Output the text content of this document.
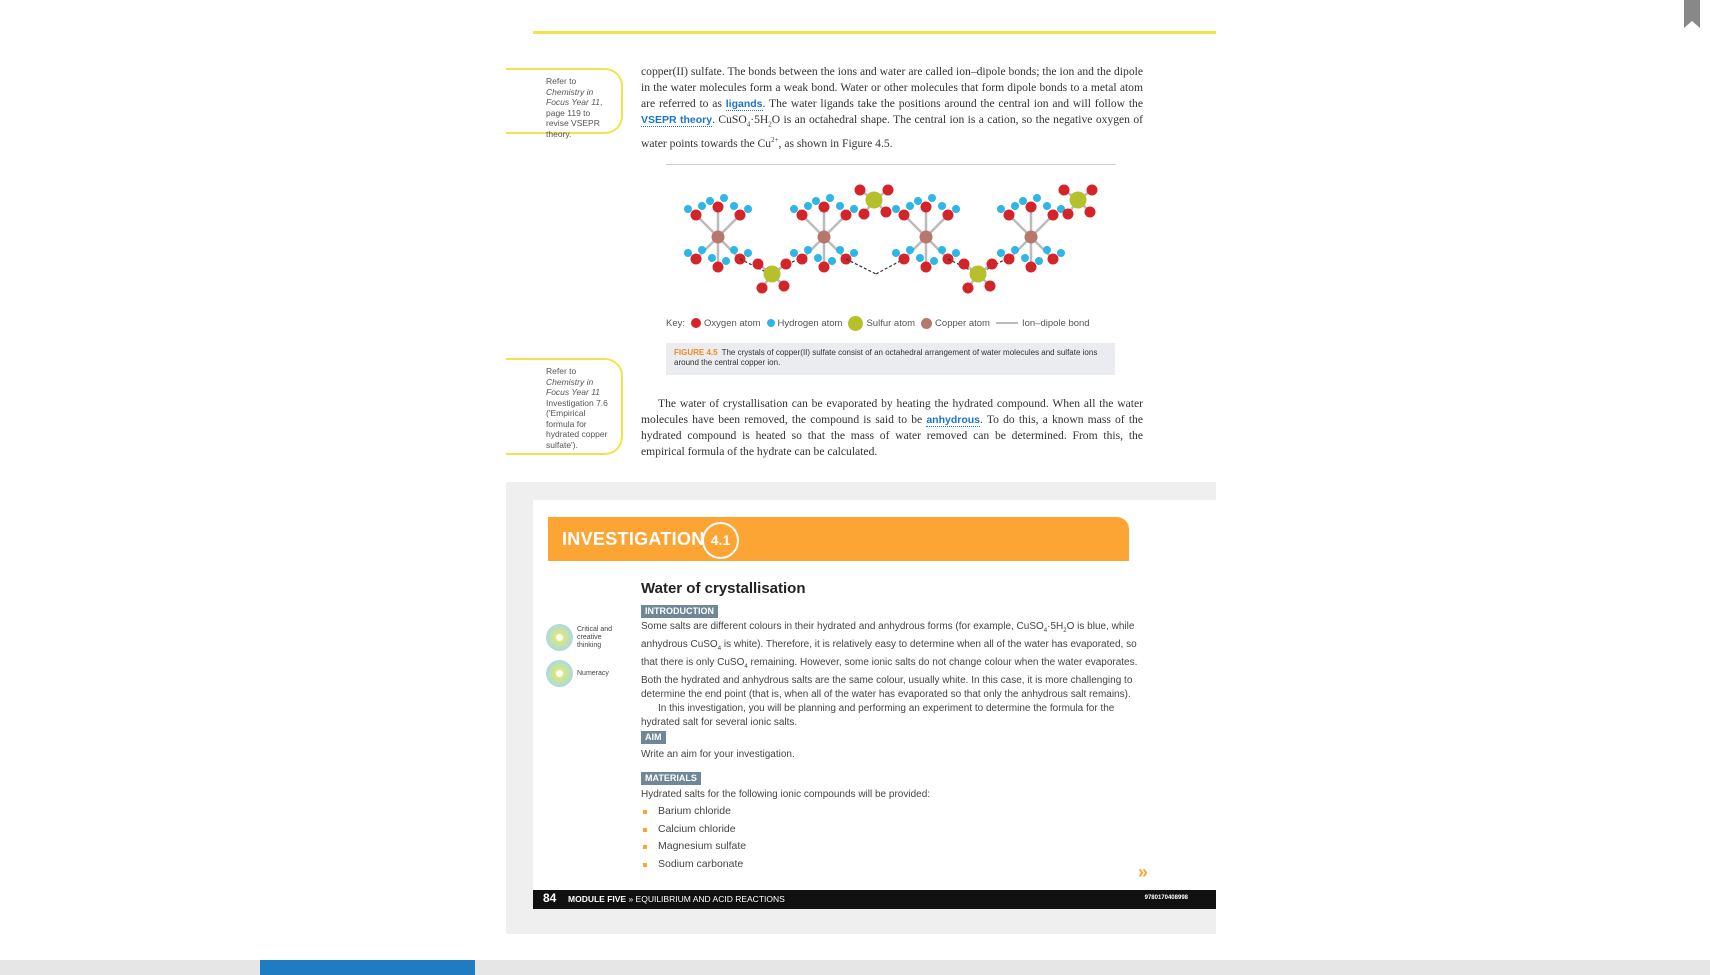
Refer to Chemistry in Focus Year 11, page 119 to revise VSEPR theory.
copper(II) sulfate. The bonds between the ions and water are called ion–dipole bonds; the ion and the dipole in the water molecules form a weak bond. Water or other molecules that form dipole bonds to a metal atom are referred to as ligands. The water ligands take the positions around the central ion and will follow the VSEPR theory. $CuSO_4\cdot 5H_2O$ is an octahedral shape. The central ion is a cation, so the negative oxygen of water points towards the $Cu^{2+}$, as shown in Figure 4.5.
Key:	Oxygen atom	Hydrogen atom	Sulfur atom	Copper atom	Ion–dipole bond
FIGURE 4.5 The crystals of copper(II) sulfate consist of an octahedral arrangement of water molecules and sulfate ions around the central copper ion.
Refer to Chemistry in Focus Year 11 Investigation 7.6 ('Empirical formula for hydrated copper sulfate').
The water of crystallisation can be evaporated by heating the hydrated compound. When all the water molecules have been removed, the compound is said to be anhydrous. To do this, a known mass of the hydrated compound is heated so that the mass of water removed can be determined. From this, the empirical formula of the hydrate can be calculated.
INVESTIGATION 4.1
Water of crystallisation
Critical and creative thinking
Numeracy
INTRODUCTION
Some salts are different colours in their hydrated and anhydrous forms (for example, $CuSO_4\cdot 5H_2O$ is blue, while anhydrous CuSO$_4$ is white). Therefore, it is relatively easy to determine when all of the water has evaporated, so that there is only CuSO$_4$ remaining. However, some ionic salts do not change colour when the water evaporates. Both the hydrated and anhydrous salts are the same colour, usually white. In this case, it is more challenging to determine the end point (that is, when all of the water has evaporated so that only the anhydrous salt remains).
In this investigation, you will be planning and performing an experiment to determine the formula for the hydrated salt for several ionic salts.
AIM
Write an aim for your investigation.
MATERIALS
Hydrated salts for the following ionic compounds will be provided:
Barium chloride
Calcium chloride
Magnesium sulfate
Sodium carbonate	»
84 MODULE FIVE » EQUILIBRIUM AND ACID REACTIONS	9780170408998
